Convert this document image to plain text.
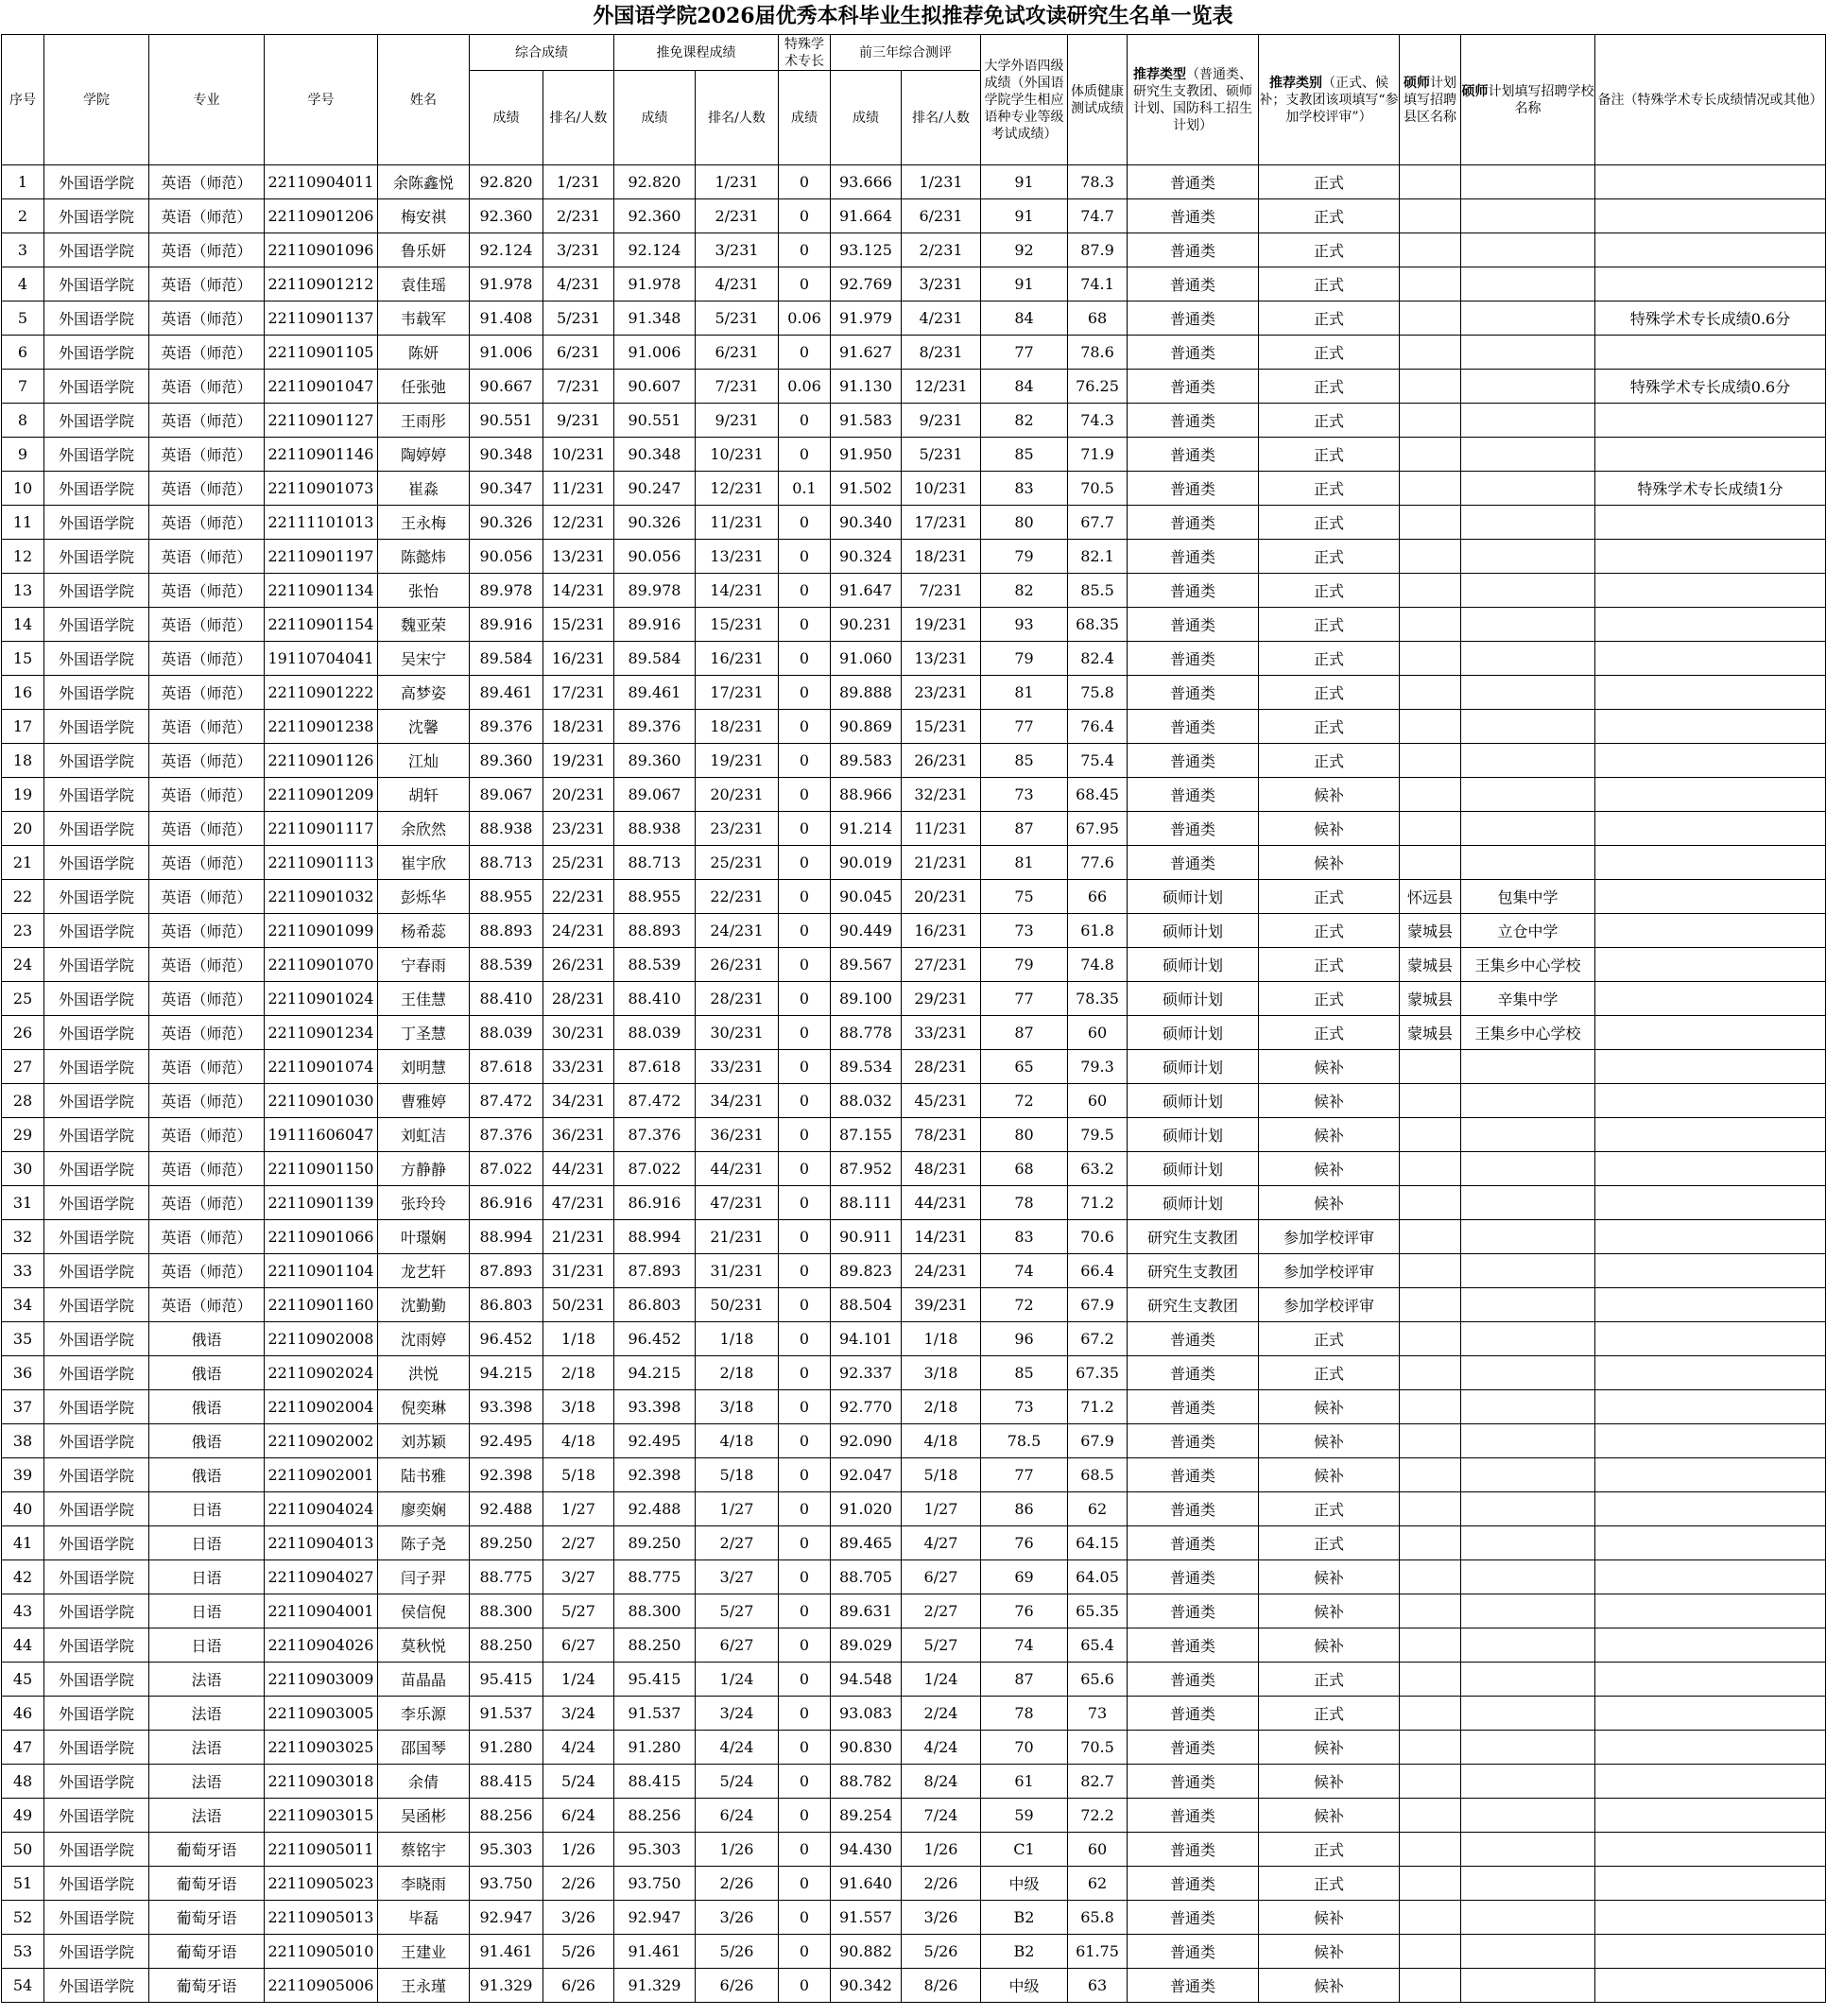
外国语学院2026届优秀本科毕业生拟推荐免试攻读研究生名单一览表
序号	学院	专业	学号	姓名	综合成绩		推免课程成绩		特殊学术专长	前三年综合测评		大学外语四级成绩（外国语学院学生相应语种专业等级考试成绩）	体质健康测试成绩	推荐类型（普通类、研究生支教团、硕师计划、国防科工招生计划）	推荐类别（正式、候补；支教团该项填写“参加学校评审”）	硕师计划填写招聘县区名称	硕师计划填写招聘学校名称	备注（特殊学术专长成绩情况或其他）
					成绩	排名/人数	成绩	排名/人数	成绩	成绩	排名/人数							
1	外国语学院	英语（师范）	22110904011	余陈鑫悦	92.820	1/231	92.820	1/231	0	93.666	1/231	91	78.3	普通类	正式			
2	外国语学院	英语（师范）	22110901206	梅安祺	92.360	2/231	92.360	2/231	0	91.664	6/231	91	74.7	普通类	正式			
3	外国语学院	英语（师范）	22110901096	鲁乐妍	92.124	3/231	92.124	3/231	0	93.125	2/231	92	87.9	普通类	正式			
4	外国语学院	英语（师范）	22110901212	袁佳瑶	91.978	4/231	91.978	4/231	0	92.769	3/231	91	74.1	普通类	正式			
5	外国语学院	英语（师范）	22110901137	韦载军	91.408	5/231	91.348	5/231	0.06	91.979	4/231	84	68	普通类	正式			特殊学术专长成绩0.6分
6	外国语学院	英语（师范）	22110901105	陈妍	91.006	6/231	91.006	6/231	0	91.627	8/231	77	78.6	普通类	正式			
7	外国语学院	英语（师范）	22110901047	任张弛	90.667	7/231	90.607	7/231	0.06	91.130	12/231	84	76.25	普通类	正式			特殊学术专长成绩0.6分
8	外国语学院	英语（师范）	22110901127	王雨彤	90.551	9/231	90.551	9/231	0	91.583	9/231	82	74.3	普通类	正式			
9	外国语学院	英语（师范）	22110901146	陶婷婷	90.348	10/231	90.348	10/231	0	91.950	5/231	85	71.9	普通类	正式			
10	外国语学院	英语（师范）	22110901073	崔淼	90.347	11/231	90.247	12/231	0.1	91.502	10/231	83	70.5	普通类	正式			特殊学术专长成绩1分
11	外国语学院	英语（师范）	22111101013	王永梅	90.326	12/231	90.326	11/231	0	90.340	17/231	80	67.7	普通类	正式			
12	外国语学院	英语（师范）	22110901197	陈懿炜	90.056	13/231	90.056	13/231	0	90.324	18/231	79	82.1	普通类	正式			
13	外国语学院	英语（师范）	22110901134	张怡	89.978	14/231	89.978	14/231	0	91.647	7/231	82	85.5	普通类	正式			
14	外国语学院	英语（师范）	22110901154	魏亚荣	89.916	15/231	89.916	15/231	0	90.231	19/231	93	68.35	普通类	正式			
15	外国语学院	英语（师范）	19110704041	吴宋宁	89.584	16/231	89.584	16/231	0	91.060	13/231	79	82.4	普通类	正式			
16	外国语学院	英语（师范）	22110901222	高梦姿	89.461	17/231	89.461	17/231	0	89.888	23/231	81	75.8	普通类	正式			
17	外国语学院	英语（师范）	22110901238	沈馨	89.376	18/231	89.376	18/231	0	90.869	15/231	77	76.4	普通类	正式			
18	外国语学院	英语（师范）	22110901126	江灿	89.360	19/231	89.360	19/231	0	89.583	26/231	85	75.4	普通类	正式			
19	外国语学院	英语（师范）	22110901209	胡轩	89.067	20/231	89.067	20/231	0	88.966	32/231	73	68.45	普通类	候补			
20	外国语学院	英语（师范）	22110901117	余欣然	88.938	23/231	88.938	23/231	0	91.214	11/231	87	67.95	普通类	候补			
21	外国语学院	英语（师范）	22110901113	崔宇欣	88.713	25/231	88.713	25/231	0	90.019	21/231	81	77.6	普通类	候补			
22	外国语学院	英语（师范）	22110901032	彭烁华	88.955	22/231	88.955	22/231	0	90.045	20/231	75	66	硕师计划	正式	怀远县	包集中学	
23	外国语学院	英语（师范）	22110901099	杨希蕊	88.893	24/231	88.893	24/231	0	90.449	16/231	73	61.8	硕师计划	正式	蒙城县	立仓中学	
24	外国语学院	英语（师范）	22110901070	宁春雨	88.539	26/231	88.539	26/231	0	89.567	27/231	79	74.8	硕师计划	正式	蒙城县	王集乡中心学校	
25	外国语学院	英语（师范）	22110901024	王佳慧	88.410	28/231	88.410	28/231	0	89.100	29/231	77	78.35	硕师计划	正式	蒙城县	辛集中学	
26	外国语学院	英语（师范）	22110901234	丁圣慧	88.039	30/231	88.039	30/231	0	88.778	33/231	87	60	硕师计划	正式	蒙城县	王集乡中心学校	
27	外国语学院	英语（师范）	22110901074	刘明慧	87.618	33/231	87.618	33/231	0	89.534	28/231	65	79.3	硕师计划	候补			
28	外国语学院	英语（师范）	22110901030	曹雅婷	87.472	34/231	87.472	34/231	0	88.032	45/231	72	60	硕师计划	候补			
29	外国语学院	英语（师范）	19111606047	刘虹洁	87.376	36/231	87.376	36/231	0	87.155	78/231	80	79.5	硕师计划	候补			
30	外国语学院	英语（师范）	22110901150	方静静	87.022	44/231	87.022	44/231	0	87.952	48/231	68	63.2	硕师计划	候补			
31	外国语学院	英语（师范）	22110901139	张玲玲	86.916	47/231	86.916	47/231	0	88.111	44/231	78	71.2	硕师计划	候补			
32	外国语学院	英语（师范）	22110901066	叶璟娴	88.994	21/231	88.994	21/231	0	90.911	14/231	83	70.6	研究生支教团	参加学校评审			
33	外国语学院	英语（师范）	22110901104	龙艺轩	87.893	31/231	87.893	31/231	0	89.823	24/231	74	66.4	研究生支教团	参加学校评审			
34	外国语学院	英语（师范）	22110901160	沈勤勤	86.803	50/231	86.803	50/231	0	88.504	39/231	72	67.9	研究生支教团	参加学校评审			
35	外国语学院	俄语	22110902008	沈雨婷	96.452	1/18	96.452	1/18	0	94.101	1/18	96	67.2	普通类	正式			
36	外国语学院	俄语	22110902024	洪悦	94.215	2/18	94.215	2/18	0	92.337	3/18	85	67.35	普通类	正式			
37	外国语学院	俄语	22110902004	倪奕琳	93.398	3/18	93.398	3/18	0	92.770	2/18	73	71.2	普通类	候补			
38	外国语学院	俄语	22110902002	刘苏颖	92.495	4/18	92.495	4/18	0	92.090	4/18	78.5	67.9	普通类	候补			
39	外国语学院	俄语	22110902001	陆书雅	92.398	5/18	92.398	5/18	0	92.047	5/18	77	68.5	普通类	候补			
40	外国语学院	日语	22110904024	廖奕娴	92.488	1/27	92.488	1/27	0	91.020	1/27	86	62	普通类	正式			
41	外国语学院	日语	22110904013	陈子尧	89.250	2/27	89.250	2/27	0	89.465	4/27	76	64.15	普通类	正式			
42	外国语学院	日语	22110904027	闫子羿	88.775	3/27	88.775	3/27	0	88.705	6/27	69	64.05	普通类	候补			
43	外国语学院	日语	22110904001	侯信倪	88.300	5/27	88.300	5/27	0	89.631	2/27	76	65.35	普通类	候补			
44	外国语学院	日语	22110904026	莫秋悦	88.250	6/27	88.250	6/27	0	89.029	5/27	74	65.4	普通类	候补			
45	外国语学院	法语	22110903009	苗晶晶	95.415	1/24	95.415	1/24	0	94.548	1/24	87	65.6	普通类	正式			
46	外国语学院	法语	22110903005	李乐源	91.537	3/24	91.537	3/24	0	93.083	2/24	78	73	普通类	正式			
47	外国语学院	法语	22110903025	邵国琴	91.280	4/24	91.280	4/24	0	90.830	4/24	70	70.5	普通类	候补			
48	外国语学院	法语	22110903018	余倩	88.415	5/24	88.415	5/24	0	88.782	8/24	61	82.7	普通类	候补			
49	外国语学院	法语	22110903015	吴函彬	88.256	6/24	88.256	6/24	0	89.254	7/24	59	72.2	普通类	候补			
50	外国语学院	葡萄牙语	22110905011	蔡铭宇	95.303	1/26	95.303	1/26	0	94.430	1/26	C1	60	普通类	正式			
51	外国语学院	葡萄牙语	22110905023	李晓雨	93.750	2/26	93.750	2/26	0	91.640	2/26	中级	62	普通类	正式			
52	外国语学院	葡萄牙语	22110905013	毕磊	92.947	3/26	92.947	3/26	0	91.557	3/26	B2	65.8	普通类	候补			
53	外国语学院	葡萄牙语	22110905010	王建业	91.461	5/26	91.461	5/26	0	90.882	5/26	B2	61.75	普通类	候补			
54	外国语学院	葡萄牙语	22110905006	王永瑾	91.329	6/26	91.329	6/26	0	90.342	8/26	中级	63	普通类	候补			
